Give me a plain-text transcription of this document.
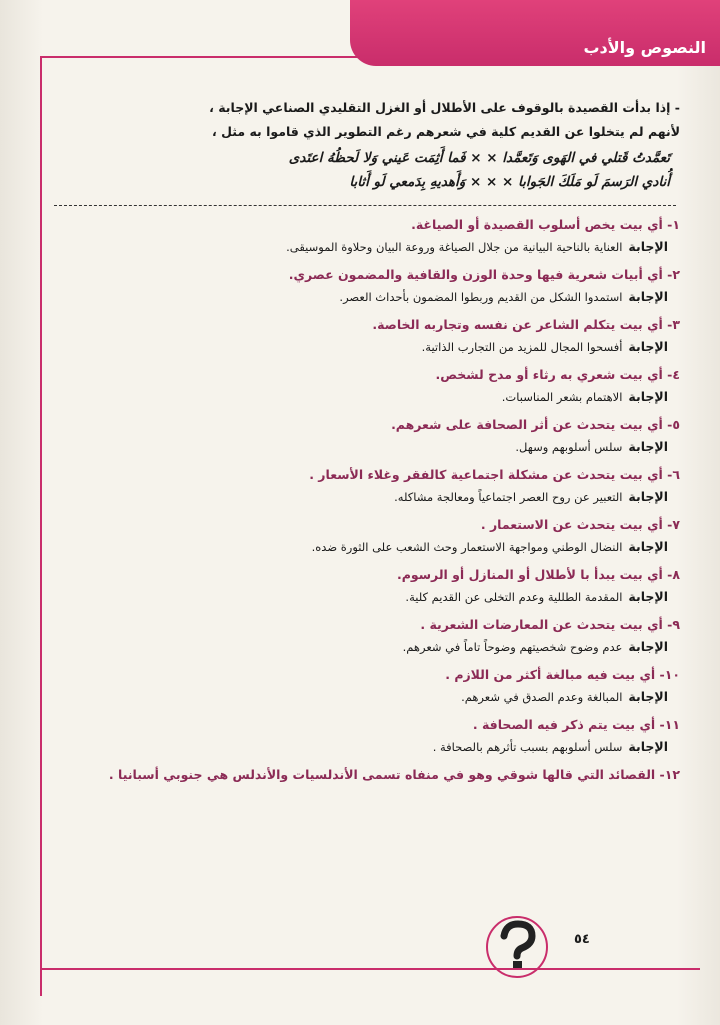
النصوص والأدب
- إذا بدأت القصيدة بالوقوف على الأطلال أو الغزل التقليدي الصناعي الإجابة ،
لأنهم لم يتخلوا عن القديم كلية في شعرهم رغم التطوير الذي قاموا به مثل ،
تَعمَّدتُ قَتلي في الهَوى وَتَعمَّدا × × فَما أَثِمَت عَيني وَلا لَحظُهُ اعتَدى
أُنادي الرَسمَ لَو مَلَكَ الجَوابا × × × وَأَهديهِ بِدَمعي لَو أَثابا
١- أي بيت يخص أسلوب القصيدة أو الصياغة.
الإجابةالعناية بالناحية البيانية من جلال الصياغة وروعة البيان وحلاوة الموسيقى.
٢- أي أبيات شعرية فيها وحدة الوزن والقافية والمضمون عصري.
الإجابةاستمدوا الشكل من القديم وربطوا المضمون بأحداث العصر.
٣- أي بيت يتكلم الشاعر عن نفسه وتجاربه الخاصة.
الإجابةأفسحوا المجال للمزيد من التجارب الذاتية.
٤- أي بيت شعري به رثاء أو مدح لشخص.
الإجابةالاهتمام بشعر المناسبات.
٥- أي بيت يتحدث عن أثر الصحافة على شعرهم.
الإجابةسلس أسلوبهم وسهل.
٦- أي بيت يتحدث عن مشكلة اجتماعية كالفقر وغلاء الأسعار .
الإجابةالتعبير عن روح العصر اجتماعياً ومعالجة مشاكله.
٧- أي بيت يتحدث عن الاستعمار .
الإجابةالنضال الوطني ومواجهة الاستعمار وحث الشعب على الثورة ضده.
٨- أي بيت يبدأ با لأطلال أو المنازل أو الرسوم.
الإجابةالمقدمة الطللية وعدم التخلى عن القديم كلية.
٩- أي بيت يتحدث عن المعارضات الشعرية .
الإجابةعدم وضوح شخصيتهم وضوحاً تاماً في شعرهم.
١٠- أي بيت فيه مبالغة أكثر من اللازم .
الإجابةالمبالغة وعدم الصدق في شعرهم.
١١- أي بيت يتم ذكر فيه الصحافة .
الإجابةسلس أسلوبهم بسبب تأثرهم بالصحافة .
١٢- القصائد التي قالها شوقي وهو في منفاه تسمى الأندلسيات والأندلس هي جنوبي أسبانيا .
٥٤
